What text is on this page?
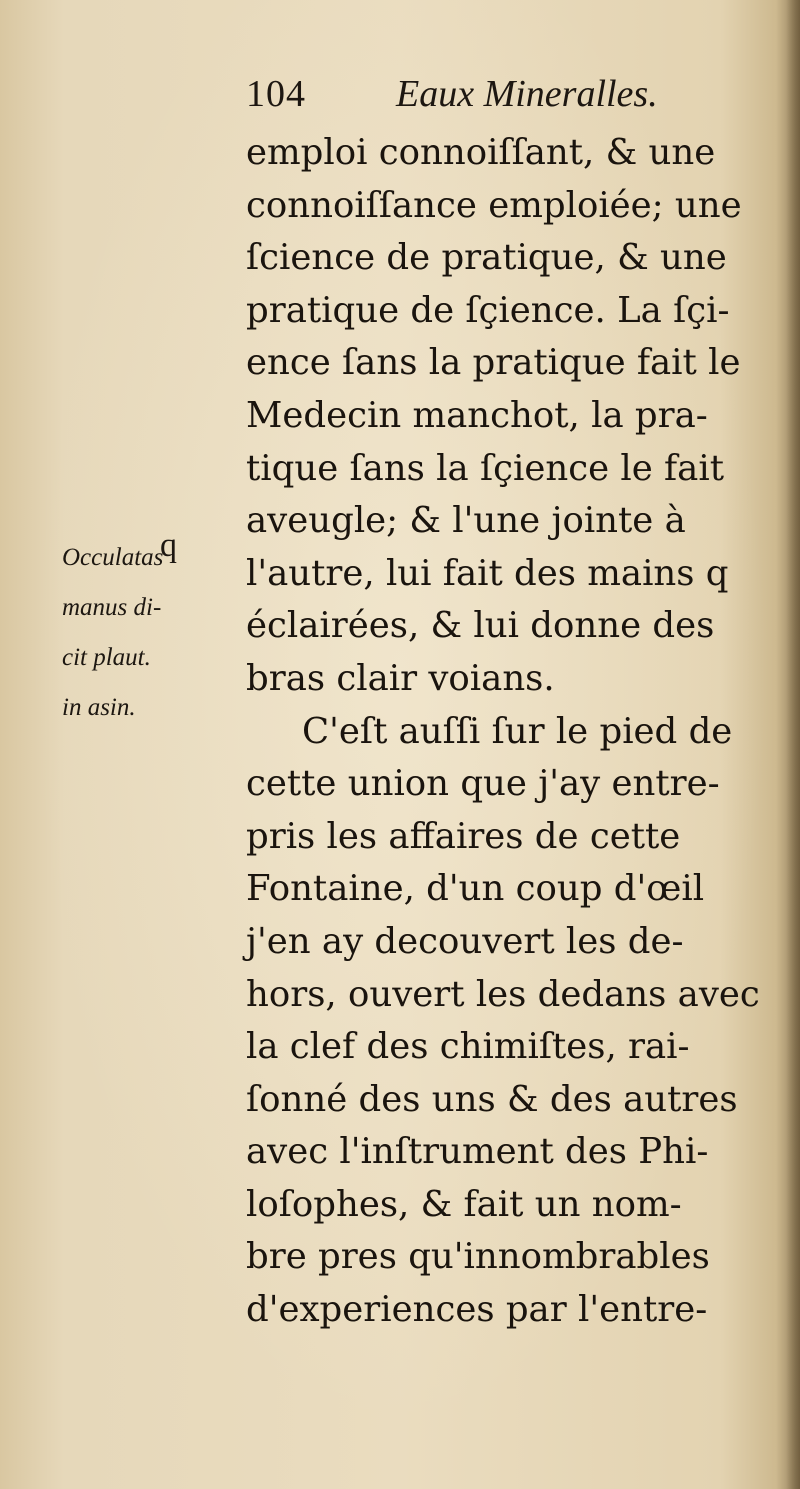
104 Eaux Mineralles.
q
Occulatas
manus di-
cit plaut.
in asin.
emploi connoiſſant, & une
connoiſſance emploiée; une
ſcience de pratique, & une
pratique de ſçience. La ſçi-
ence ſans la pratique fait le
Medecin manchot, la pra-
tique ſans la ſçience le fait
aveugle; & l'une jointe à
l'autre, lui fait des mains q
éclairées, & lui donne des
bras clair voians.
C'eſt auſſi ſur le pied de
cette union que j'ay entre-
pris les affaires de cette
Fontaine, d'un coup d'œil
j'en ay decouvert les de-
hors, ouvert les dedans avec
la clef des chimiſtes, rai-
ſonné des uns & des autres
avec l'inſtrument des Phi-
loſophes, & fait un nom-
bre pres qu'innombrables
d'experiences par l'entre-
